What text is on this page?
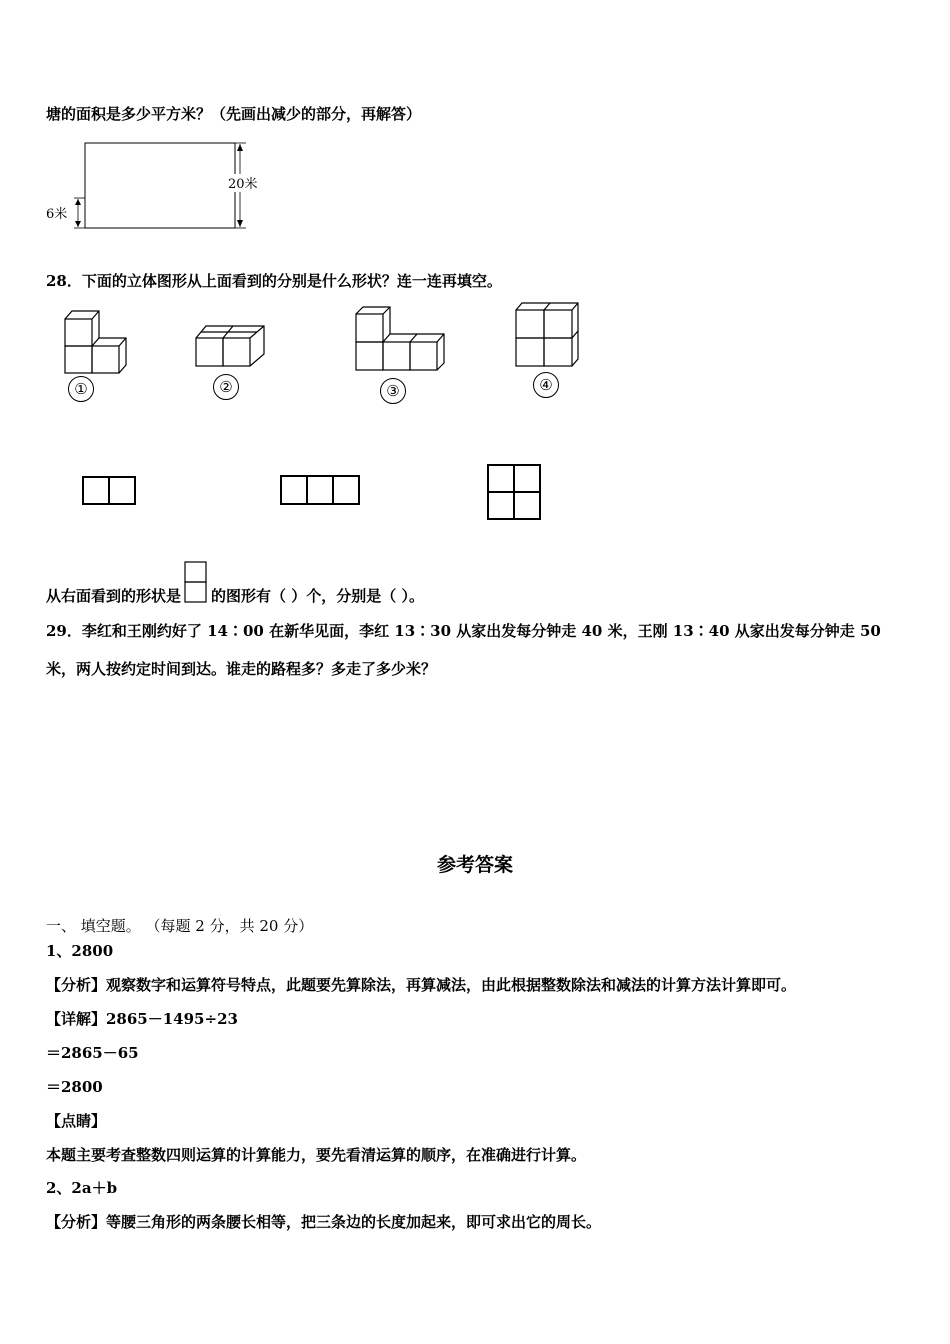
塘的面积是多少平方米？（先画出减少的部分，再解答）
20米
6米
28．下面的立体图形从上面看到的分别是什么形状？连一连再填空。
①	②	③	④
从右面看到的形状是 的图形有（ ）个，分别是（ ）。
29．李红和王刚约好了 14∶00 在新华见面，李红 13∶30 从家出发每分钟走 40 米，王刚 13∶40 从家出发每分钟走 50
米，两人按约定时间到达。谁走的路程多？多走了多少米？
参考答案
一、 填空题。 （每题 2 分，共 20 分）
1、2800
【分析】观察数字和运算符号特点，此题要先算除法，再算减法，由此根据整数除法和减法的计算方法计算即可。
【详解】2865－1495÷23
＝2865－65
＝2800
【点睛】
本题主要考查整数四则运算的计算能力，要先看清运算的顺序，在准确进行计算。
2、2a＋b
【分析】等腰三角形的两条腰长相等，把三条边的长度加起来，即可求出它的周长。
